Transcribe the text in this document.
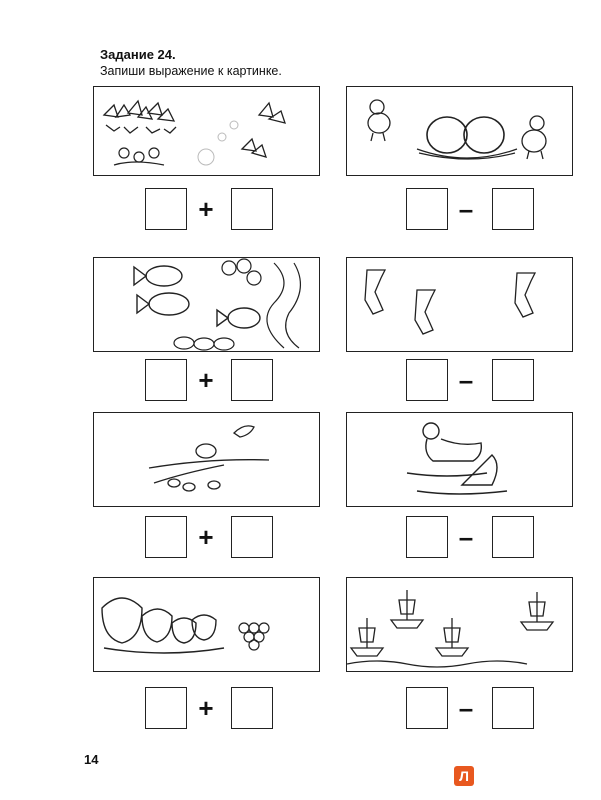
Задание 24.
Запиши выражение к картинке.
+	–
+	–
+	–
+	–
14
Л
